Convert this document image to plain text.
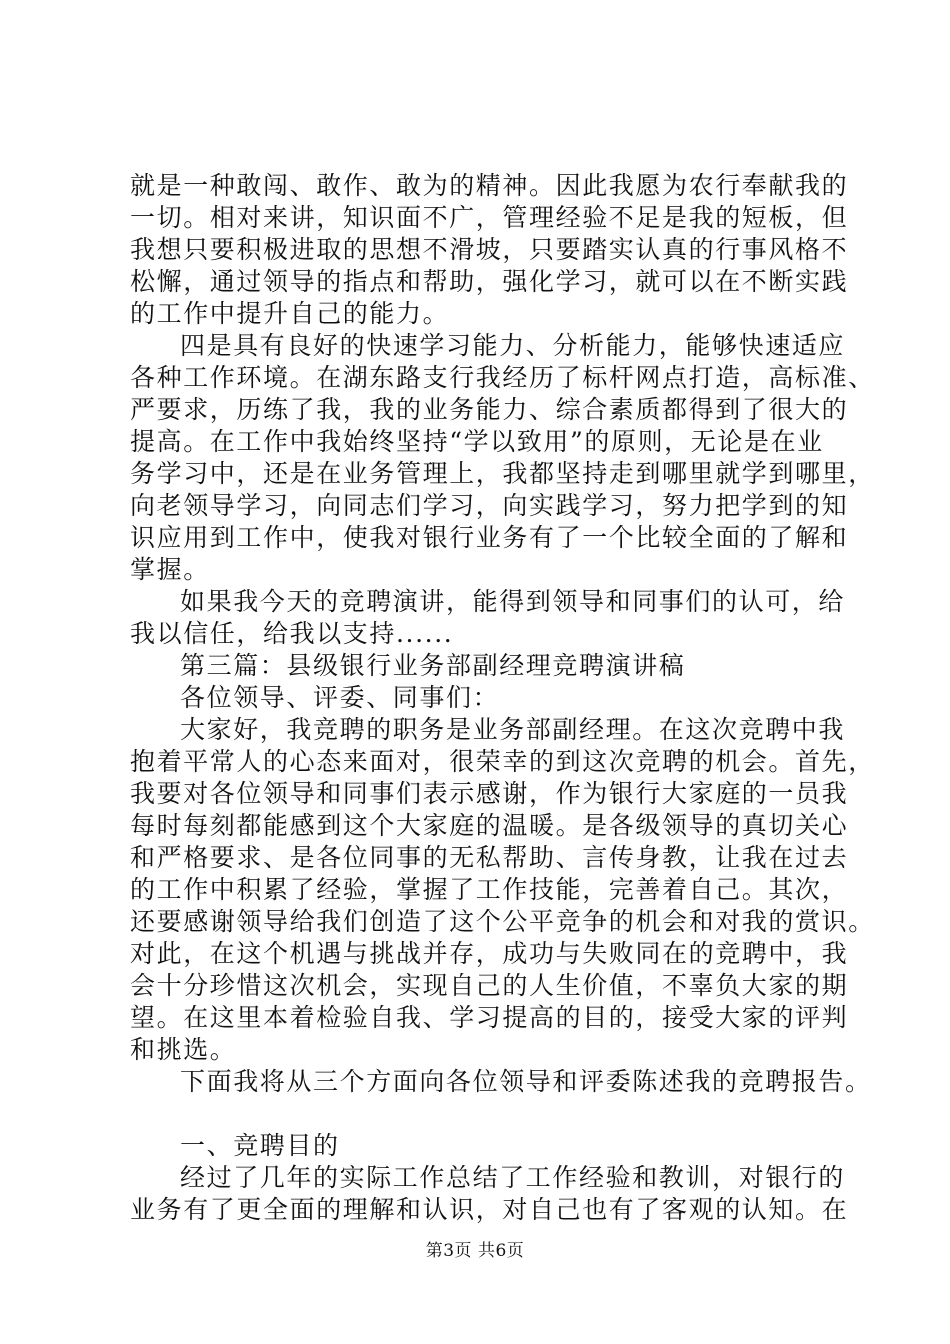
就是一种敢闯、敢作、敢为的精神。因此我愿为农行奉献我的
一切。相对来讲，知识面不广，管理经验不足是我的短板，但
我想只要积极进取的思想不滑坡，只要踏实认真的行事风格不
松懈，通过领导的指点和帮助，强化学习，就可以在不断实践
的工作中提升自己的能力。
四是具有良好的快速学习能力、分析能力，能够快速适应
各种工作环境。在湖东路支行我经历了标杆网点打造，高标准、
严要求，历练了我，我的业务能力、综合素质都得到了很大的
提高。在工作中我始终坚持“学以致用”的原则，无论是在业
务学习中，还是在业务管理上，我都坚持走到哪里就学到哪里，
向老领导学习，向同志们学习，向实践学习，努力把学到的知
识应用到工作中，使我对银行业务有了一个比较全面的了解和
掌握。
如果我今天的竞聘演讲，能得到领导和同事们的认可，给
我以信任，给我以支持......
第三篇：县级银行业务部副经理竞聘演讲稿
各位领导、评委、同事们：
大家好，我竞聘的职务是业务部副经理。在这次竞聘中我
抱着平常人的心态来面对，很荣幸的到这次竞聘的机会。首先，
我要对各位领导和同事们表示感谢，作为银行大家庭的一员我
每时每刻都能感到这个大家庭的温暖。是各级领导的真切关心
和严格要求、是各位同事的无私帮助、言传身教，让我在过去
的工作中积累了经验，掌握了工作技能，完善着自己。其次，
还要感谢领导给我们创造了这个公平竞争的机会和对我的赏识。
对此，在这个机遇与挑战并存，成功与失败同在的竞聘中，我
会十分珍惜这次机会，实现自己的人生价值，不辜负大家的期
望。在这里本着检验自我、学习提高的目的，接受大家的评判
和挑选。
下面我将从三个方面向各位领导和评委陈述我的竞聘报告。
一、竞聘目的
经过了几年的实际工作总结了工作经验和教训，对银行的
业务有了更全面的理解和认识，对自己也有了客观的认知。在
第3页 共6页
